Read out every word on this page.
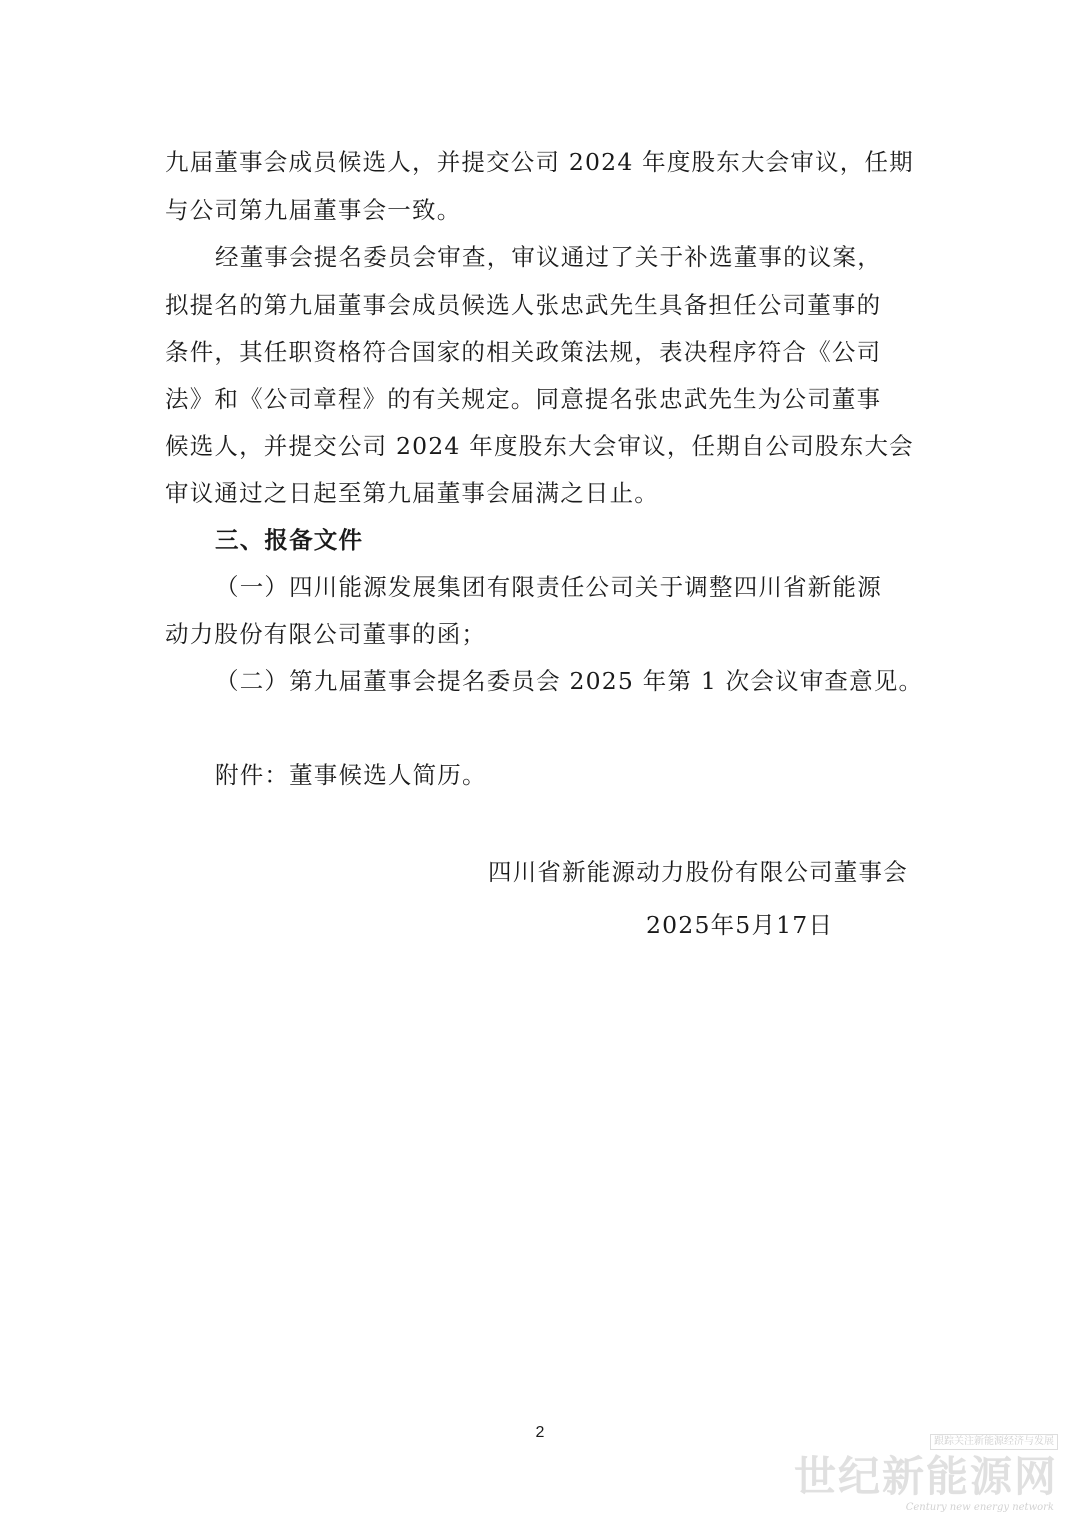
九届董事会成员候选人，并提交公司 2024 年度股东大会审议，任期
与公司第九届董事会一致。
经董事会提名委员会审查，审议通过了关于补选董事的议案，
拟提名的第九届董事会成员候选人张忠武先生具备担任公司董事的
条件，其任职资格符合国家的相关政策法规，表决程序符合《公司
法》和《公司章程》的有关规定。同意提名张忠武先生为公司董事
候选人，并提交公司 2024 年度股东大会审议，任期自公司股东大会
审议通过之日起至第九届董事会届满之日止。
三、报备文件
（一）四川能源发展集团有限责任公司关于调整四川省新能源
动力股份有限公司董事的函；
（二）第九届董事会提名委员会 2025 年第 1 次会议审查意见。
附件：董事候选人简历。
四川省新能源动力股份有限公司董事会
2025年5月17日
2
跟踪关注新能源经济与发展
世纪新能源网
Century new energy network
